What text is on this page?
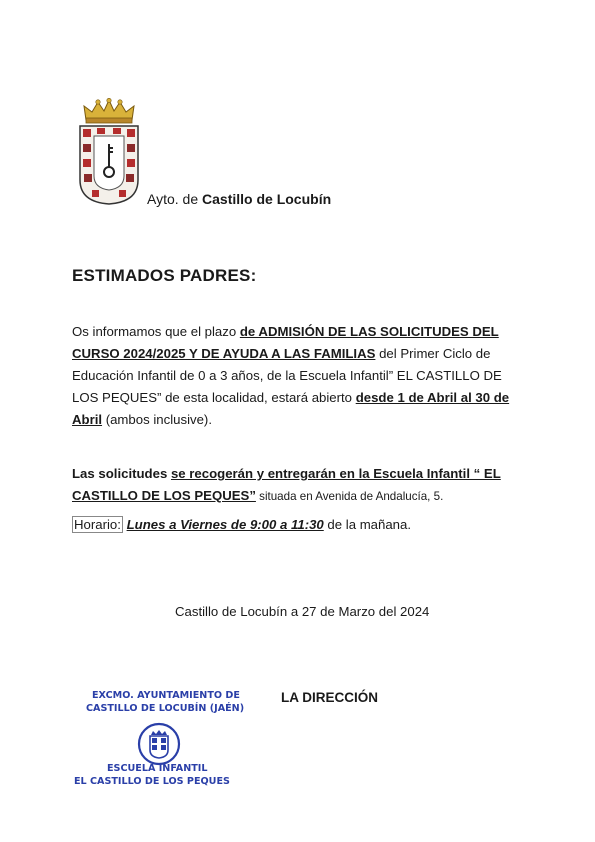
Ayto. de Castillo de Locubín
ESTIMADOS PADRES:
Os informamos que el plazo de ADMISIÓN DE LAS SOLICITUDES DEL CURSO 2024/2025 Y DE AYUDA A LAS FAMILIAS del Primer Ciclo de Educación Infantil de 0 a 3 años, de la Escuela Infantil” EL CASTILLO DE LOS PEQUES” de esta localidad, estará abierto desde 1 de Abril al 30 de Abril (ambos inclusive).
Las solicitudes se recogerán y entregarán en la Escuela Infantil “ EL CASTILLO DE LOS PEQUES” situada en Avenida de Andalucía, 5.
Horario: Lunes a Viernes de 9:00 a 11:30 de la mañana.
Castillo de Locubín a 27 de Marzo del 2024
LA DIRECCIÓN
EXCMO. AYUNTAMIENTO DE
CASTILLO DE LOCUBÍN (JAÉN)
ESCUELA INFANTIL
EL CASTILLO DE LOS PEQUES
